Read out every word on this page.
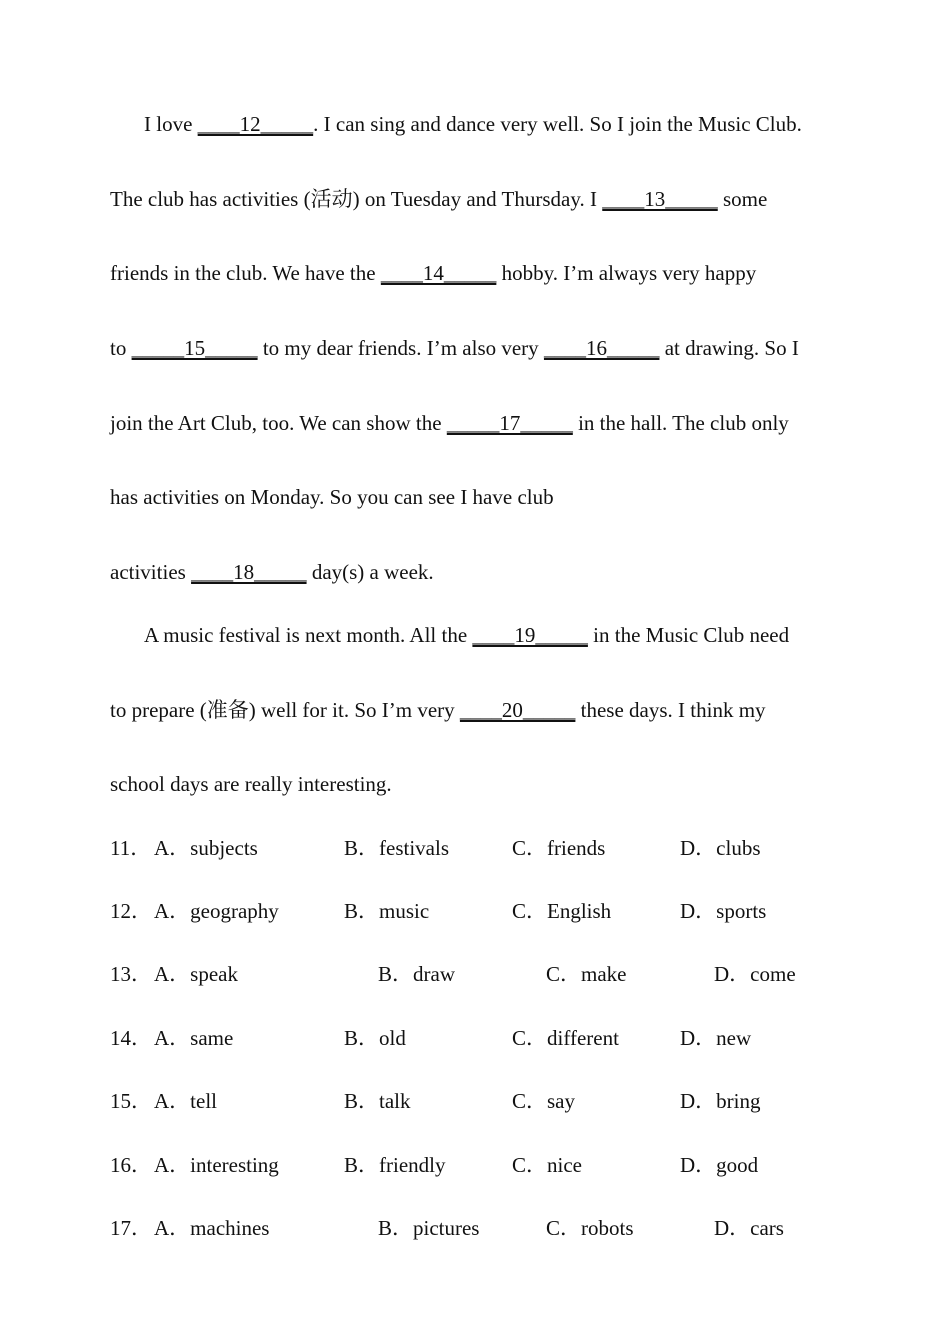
I love ____12_____. I can sing and dance very well. So I join the Music Club.
The club has activities (活动) on Tuesday and Thursday. I ____13_____ some
friends in the club. We have the ____14_____ hobby. I’m always very happy
to _____15_____ to my dear friends. I’m also very ____16_____ at drawing. So I
join the Art Club, too. We can show the _____17_____ in the hall. The club only
has activities on Monday. So you can see I have club
activities ____18_____ day(s) a week.
A music festival is next month. All the ____19_____ in the Music Club need
to prepare (准备) well for it. So I’m very ____20_____ these days. I think my
school days are really interesting.
11． A．subjects	B．festivals	C．friends	D．clubs
12． A．geography	B．music	C．English	D．sports
13． A．speak	B．draw	C．make	D．come
14． A．same	B．old	C．different	D．new
15． A．tell	B．talk	C．say	D．bring
16． A．interesting	B．friendly	C．nice	D．good
17． A．machines	B．pictures	C．robots	D．cars
